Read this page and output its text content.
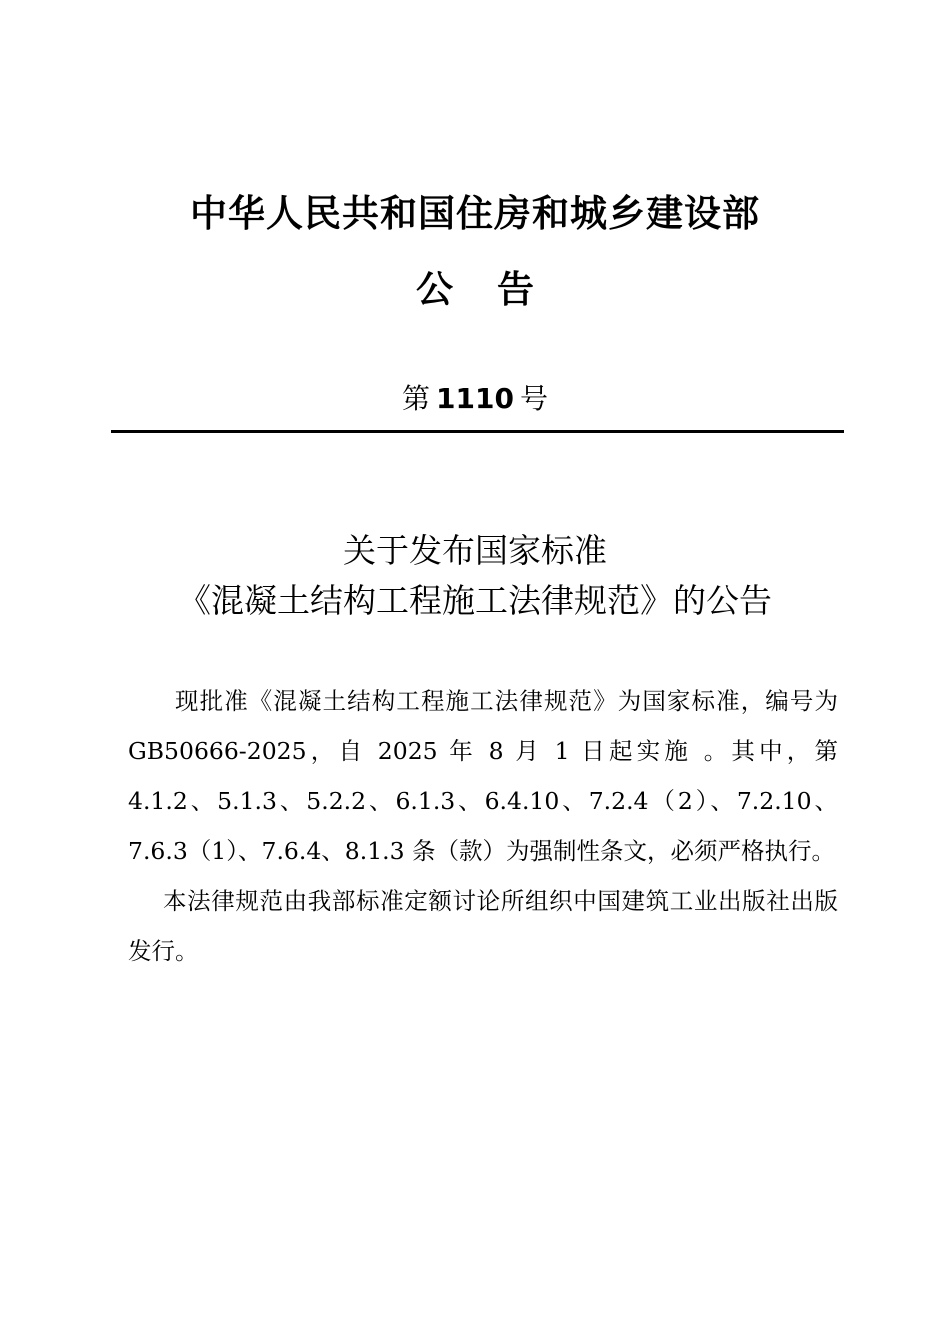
中华人民共和国住房和城乡建设部
公告
第 1110 号
关于发布国家标准
《混凝土结构工程施工法律规范》的公告

现批准《混凝土结构工程施工法律规范》为国家标准，编号为 GB50666-2025，自 2025 年 8 月 1 日起实施 。其中，第 4.1.2、5.1.3、5.2.2、6.1.3、6.4.10、7.2.4（2）、7.2.10、7.6.3（1）、7.6.4、8.1.3 条（款）为强制性条文，必须严格执行。

本法律规范由我部标准定额讨论所组织中国建筑工业出版社出版发行。
